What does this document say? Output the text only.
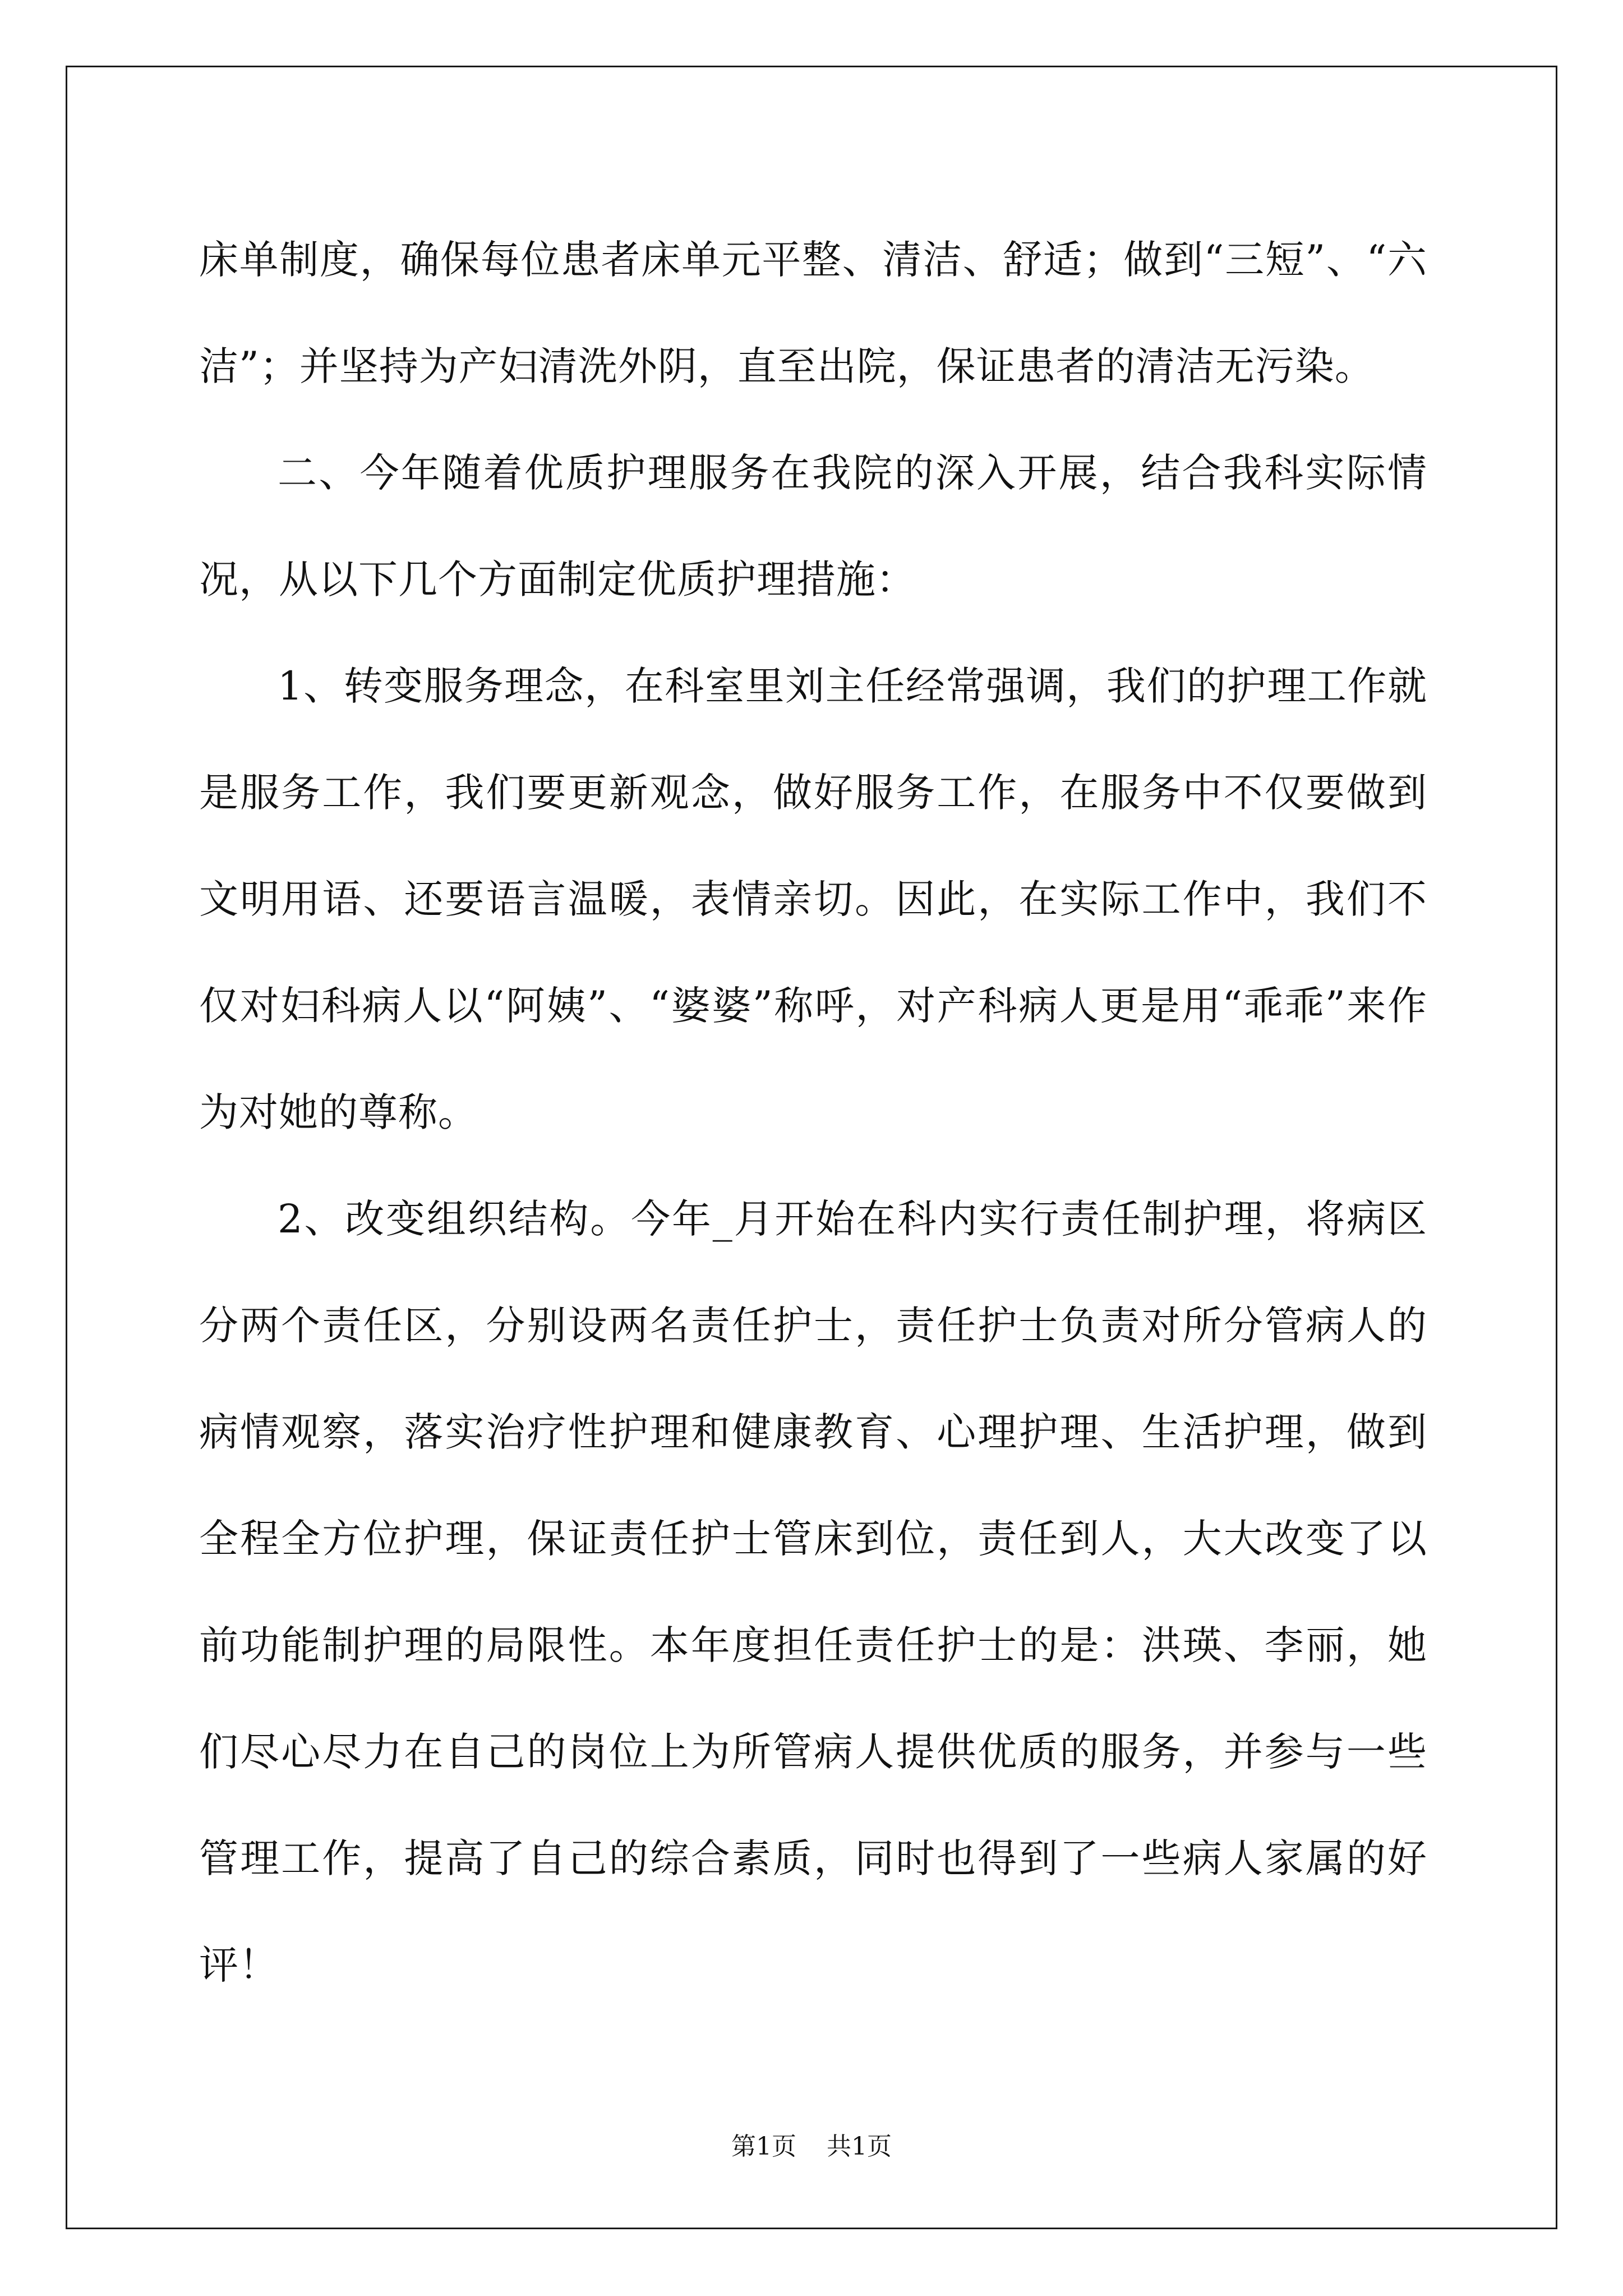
床单制度，确保每位患者床单元平整、清洁、舒适；做到“三短”、“六洁”；并坚持为产妇清洗外阴，直至出院，保证患者的清洁无污染。

二、今年随着优质护理服务在我院的深入开展，结合我科实际情况，从以下几个方面制定优质护理措施：

1、转变服务理念，在科室里刘主任经常强调，我们的护理工作就是服务工作，我们要更新观念，做好服务工作，在服务中不仅要做到文明用语、还要语言温暖，表情亲切。因此，在实际工作中，我们不仅对妇科病人以“阿姨”、“婆婆”称呼，对产科病人更是用“乖乖”来作为对她的尊称。

2、改变组织结构。今年_月开始在科内实行责任制护理，将病区分两个责任区，分别设两名责任护士，责任护士负责对所分管病人的病情观察，落实治疗性护理和健康教育、心理护理、生活护理，做到全程全方位护理，保证责任护士管床到位，责任到人，大大改变了以前功能制护理的局限性。本年度担任责任护士的是：洪瑛、李丽，她们尽心尽力在自己的岗位上为所管病人提供优质的服务，并参与一些管理工作，提高了自己的综合素质，同时也得到了一些病人家属的好评！

第1页 共1页
